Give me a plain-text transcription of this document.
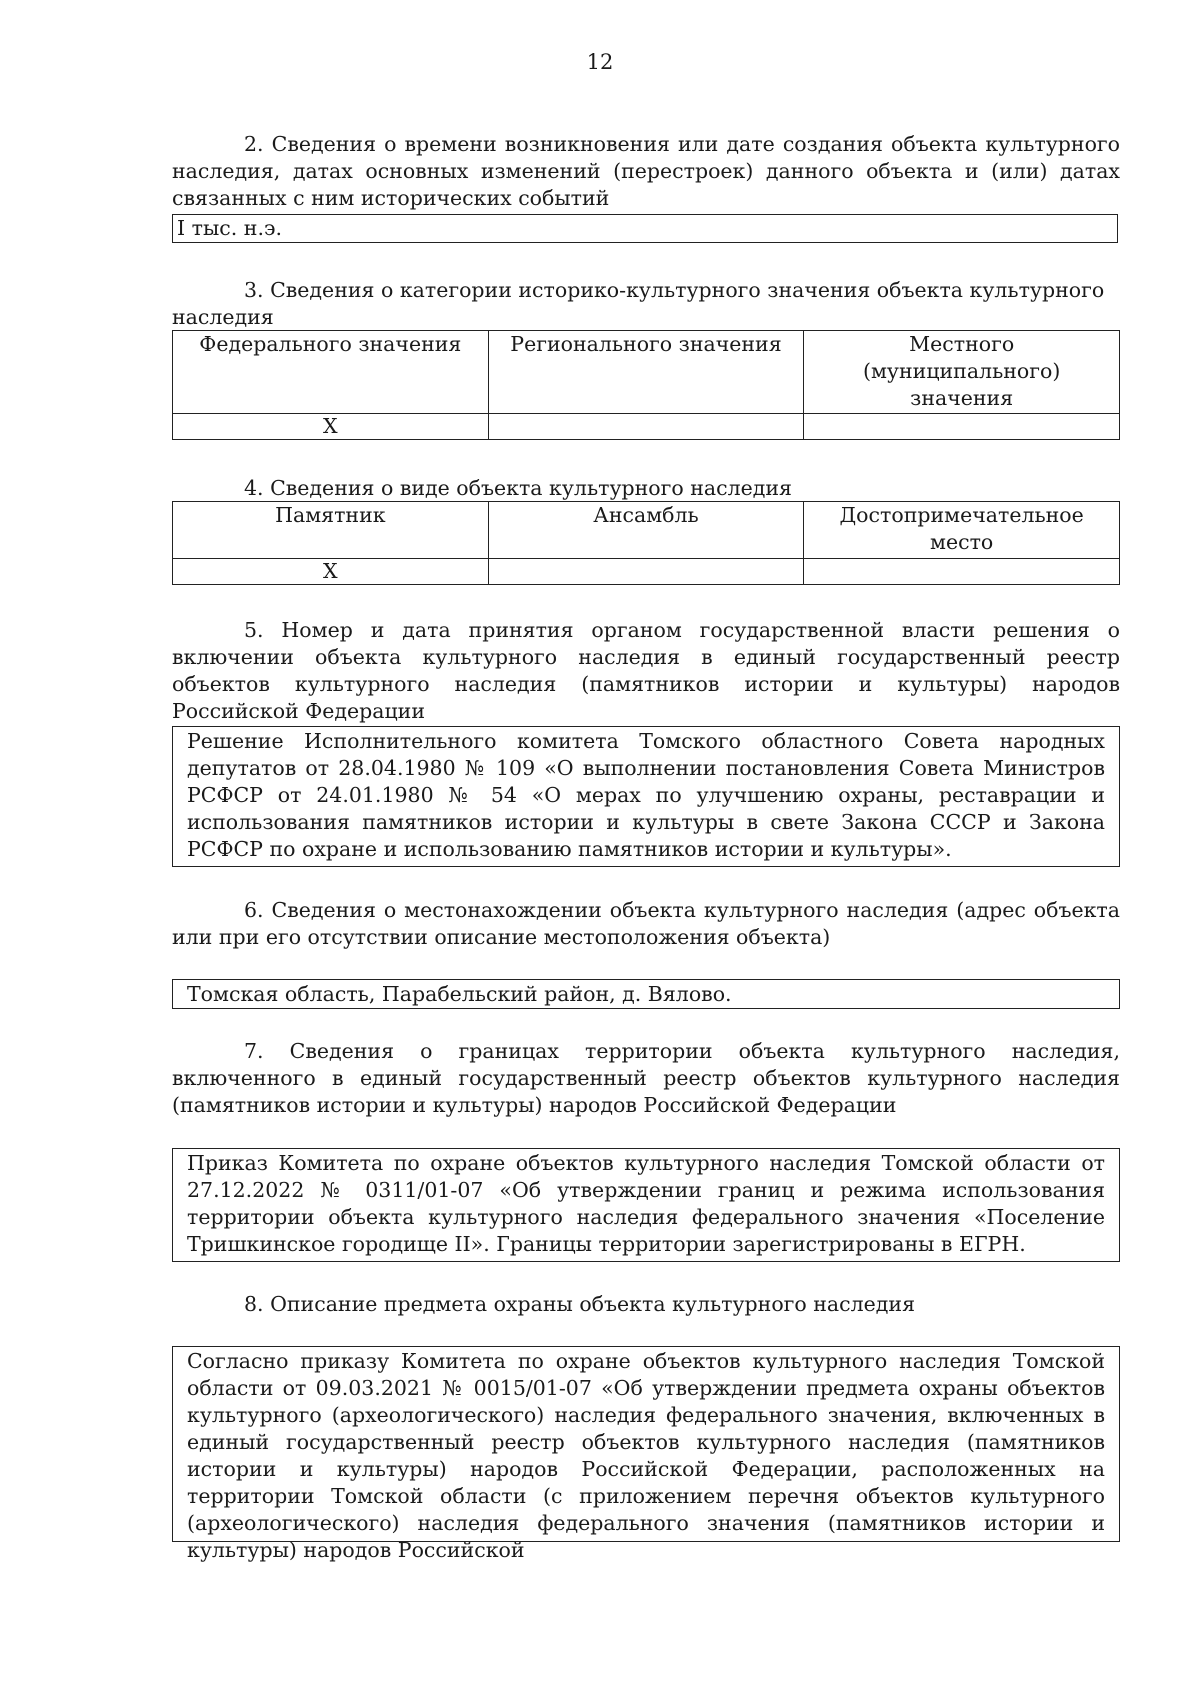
12

2. Сведения о времени возникновения или дате создания объекта культурного наследия, датах основных изменений (перестроек) данного объекта и (или) датах связанных с ним исторических событий

I тыс. н.э.

3. Сведения о категории историко-культурного значения объекта культурного наследия

Федерального значения	Регионального значения	Местного (муниципального) значения
Х		

4. Сведения о виде объекта культурного наследия

Памятник	Ансамбль	Достопримечательное место
Х		

5. Номер и дата принятия органом государственной власти решения о включении объекта культурного наследия в единый государственный реестр объектов культурного наследия (памятников истории и культуры) народов Российской Федерации

Решение Исполнительного комитета Томского областного Совета народных депутатов от 28.04.1980 № 109 «О выполнении постановления Совета Министров РСФСР от 24.01.1980 № 54 «О мерах по улучшению охраны, реставрации и использования памятников истории и культуры в свете Закона СССР и Закона РСФСР по охране и использованию памятников истории и культуры».

6. Сведения о местонахождении объекта культурного наследия (адрес объекта или при его отсутствии описание местоположения объекта)

Томская область, Парабельский район, д. Вялово.

7. Сведения о границах территории объекта культурного наследия, включенного в единый государственный реестр объектов культурного наследия (памятников истории и культуры) народов Российской Федерации

Приказ Комитета по охране объектов культурного наследия Томской области от 27.12.2022 № 0311/01-07 «Об утверждении границ и режима использования территории объекта культурного наследия федерального значения «Поселение Тришкинское городище II». Границы территории зарегистрированы в ЕГРН.

8. Описание предмета охраны объекта культурного наследия

Согласно приказу Комитета по охране объектов культурного наследия Томской области от 09.03.2021 № 0015/01-07 «Об утверждении предмета охраны объектов культурного (археологического) наследия федерального значения, включенных в единый государственный реестр объектов культурного наследия (памятников истории и культуры) народов Российской Федерации, расположенных на территории Томской области (с приложением перечня объектов культурного (археологического) наследия федерального значения (памятников истории и культуры) народов Российской
